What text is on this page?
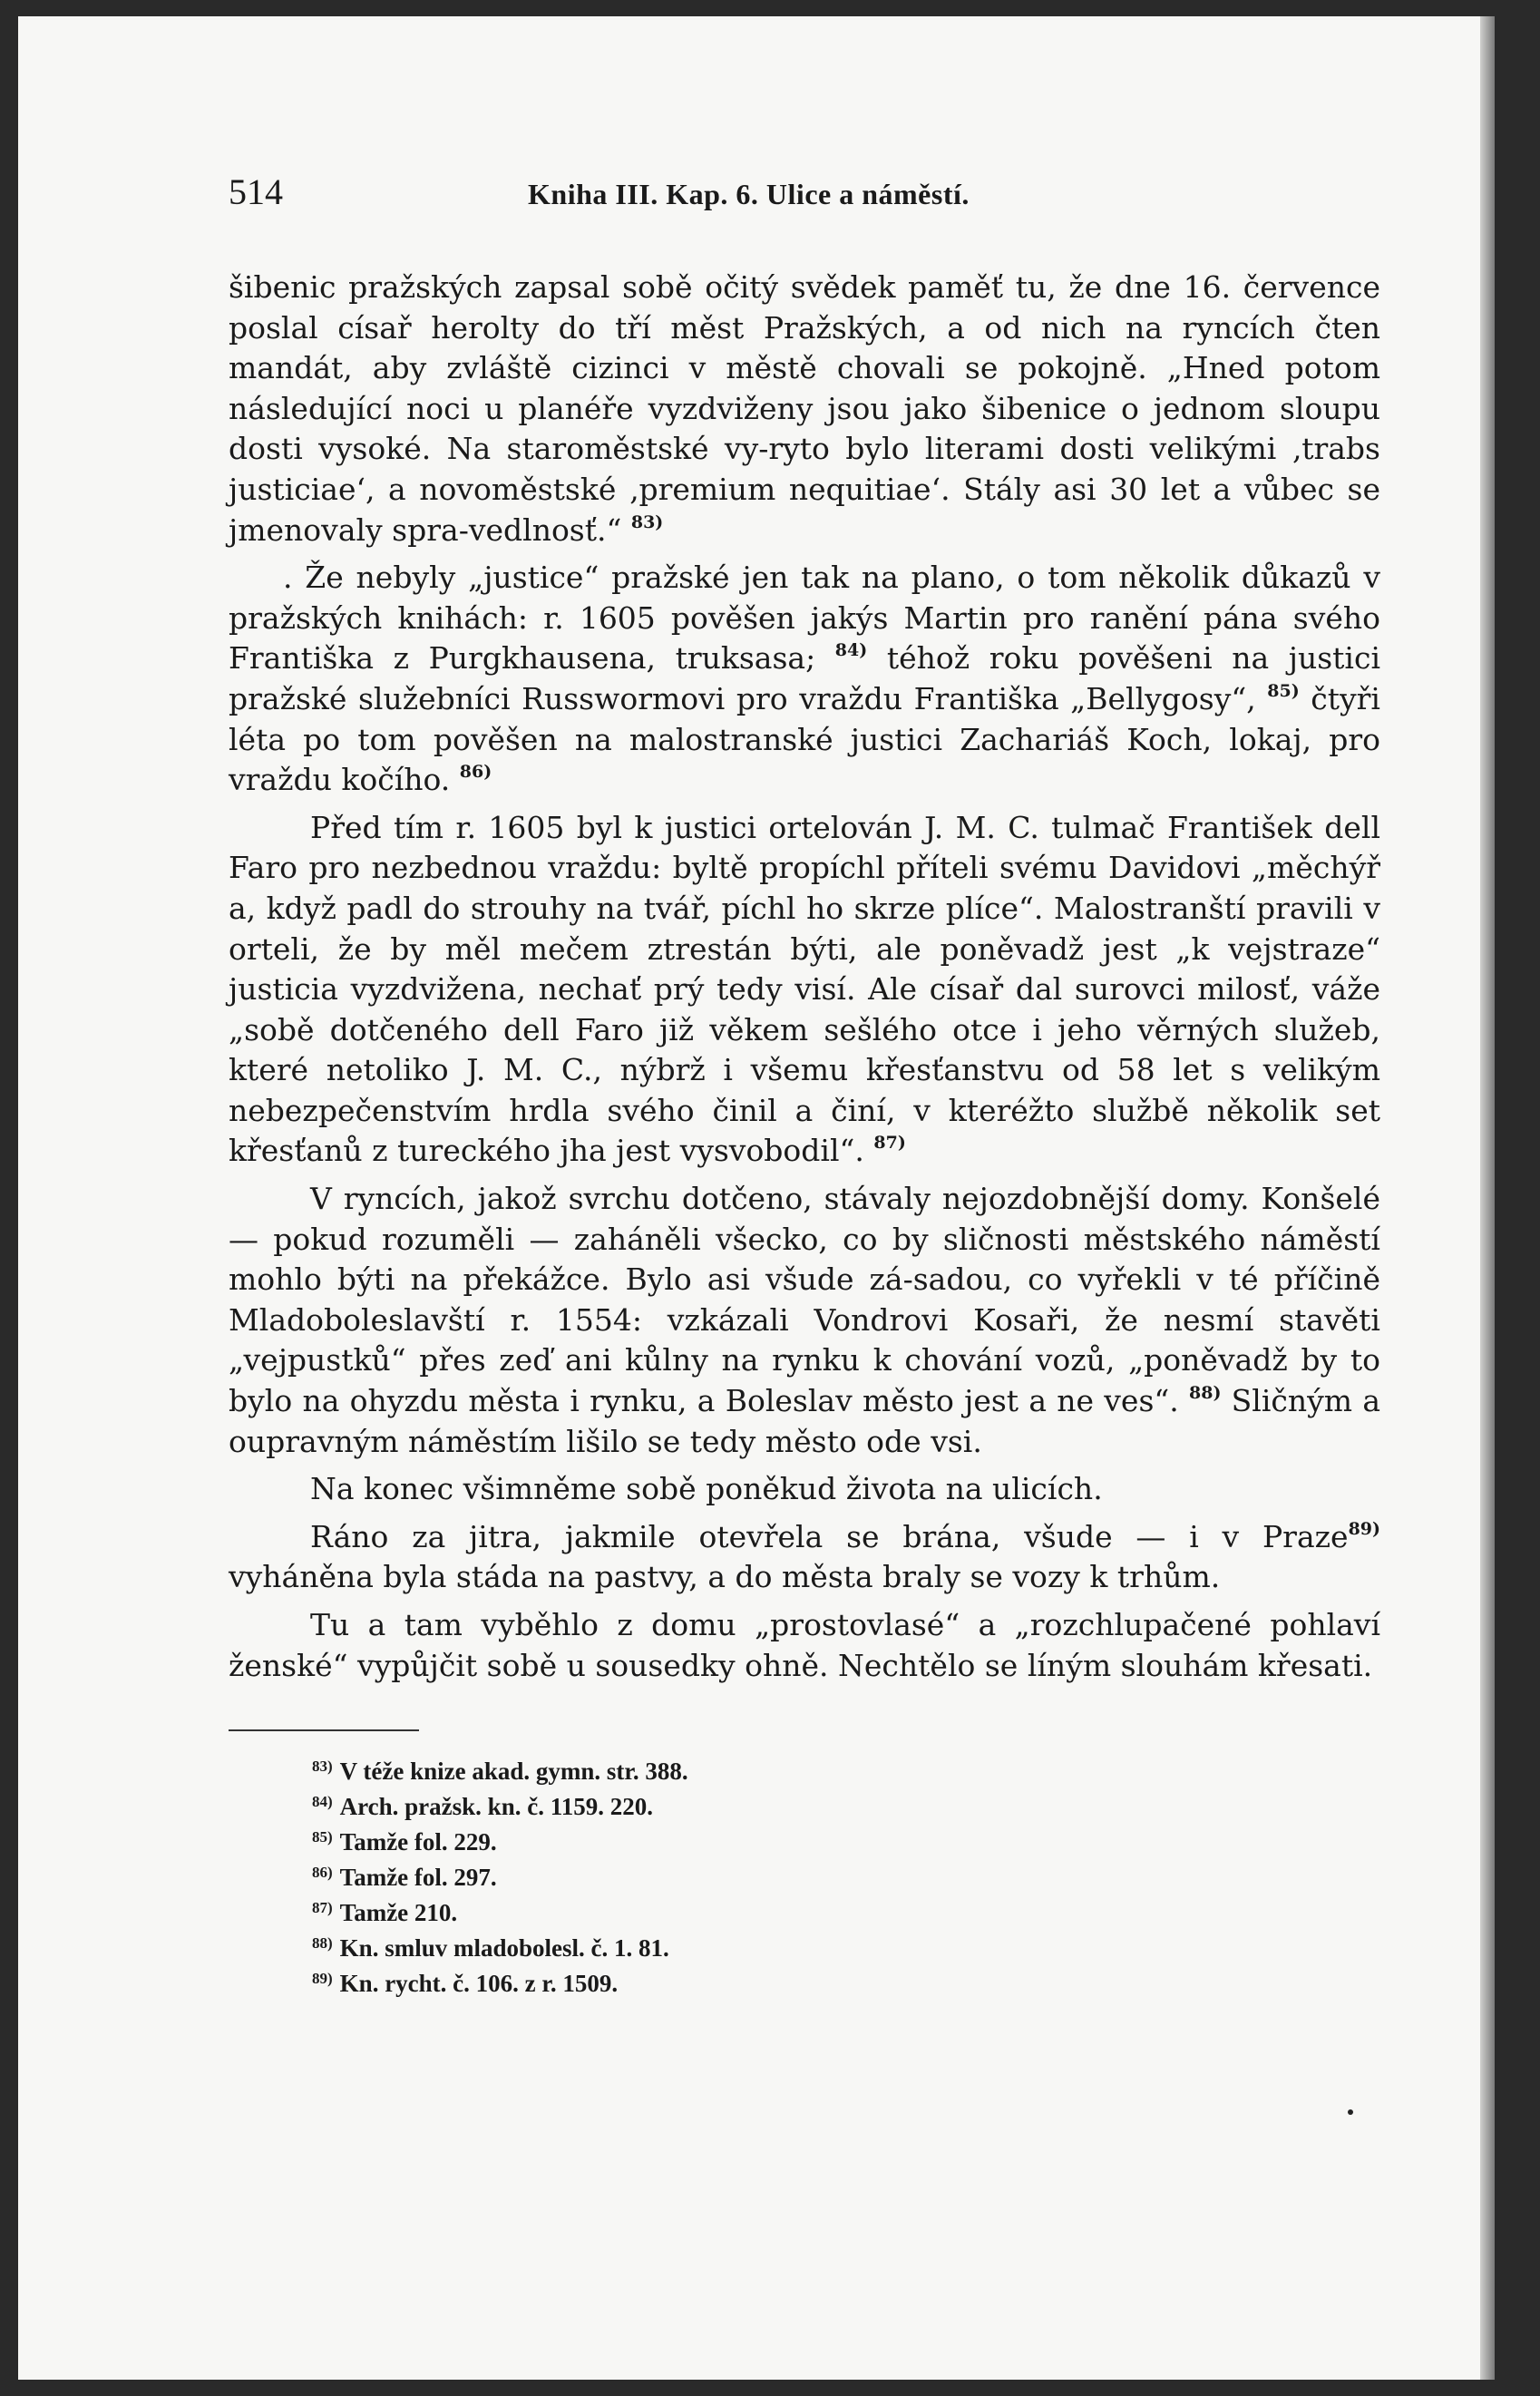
514	Kniha III. Kap. 6. Ulice a náměstí.

šibenic pražských zapsal sobě očitý svědek paměť tu, že dne 16. července poslal císař herolty do tří měst Pražských, a od nich na ryncích čten mandát, aby zvláště cizinci v městě chovali se pokojně. „Hned potom následující noci u planéře vyzdviženy jsou jako šibenice o jednom sloupu dosti vysoké. Na staroměstské vy-ryto bylo literami dosti velikými ‚trabs justiciae‘, a novoměstské ‚premium nequitiae‘. Stály asi 30 let a vůbec se jmenovaly spra-vedlnosť.“ $^{83)}$

. Že nebyly „justice“ pražské jen tak na plano, o tom několik důkazů v pražských knihách: r. 1605 pověšen jakýs Martin pro ranění pána svého Františka z Purgkhausena, truksasa; $^{84)}$ téhož roku pověšeni na justici pražské služebníci Russwormovi pro vraždu Františka „Bellygosy“, $^{85)}$ čtyři léta po tom pověšen na malostranské justici Zachariáš Koch, lokaj, pro vraždu kočího. $^{86)}$

Před tím r. 1605 byl k justici ortelován J. M. C. tulmač František dell Faro pro nezbednou vraždu: byltě propíchl příteli svému Davidovi „měchýř a, když padl do strouhy na tvář, píchl ho skrze plíce“. Malostranští pravili v orteli, že by měl mečem ztrestán býti, ale poněvadž jest „k vejstraze“ justicia vyzdvižena, nechať prý tedy visí. Ale císař dal surovci milosť, váže „sobě dotčeného dell Faro již věkem sešlého otce i jeho věrných služeb, které netoliko J. M. C., nýbrž i všemu křesťanstvu od 58 let s velikým nebezpečenstvím hrdla svého činil a činí, v kteréžto službě několik set křesťanů z tureckého jha jest vysvobodil“. $^{87)}$

V ryncích, jakož svrchu dotčeno, stávaly nejozdobnější domy. Konšelé — pokud rozuměli — zaháněli všecko, co by sličnosti městského náměstí mohlo býti na překážce. Bylo asi všude zá-sadou, co vyřekli v té příčině Mladoboleslavští r. 1554: vzkázali Vondrovi Kosaři, že nesmí stavěti „vejpustků“ přes zeď ani kůlny na rynku k chování vozů, „poněvadž by to bylo na ohyzdu města i rynku, a Boleslav město jest a ne ves“. $^{88)}$ Sličným a oupravným náměstím lišilo se tedy město ode vsi.

Na konec všimněme sobě poněkud života na ulicích.

Ráno za jitra, jakmile otevřela se brána, všude — i v Praze$^{89)}$ vyháněna byla stáda na pastvy, a do města braly se vozy k trhům.

Tu a tam vyběhlo z domu „prostovlasé“ a „rozchlupačené pohlaví ženské“ vypůjčit sobě u sousedky ohně. Nechtělo se líným slouhám křesati.

$^{83)}$ V téže knize akad. gymn. str. 388.
$^{84)}$ Arch. pražsk. kn. č. 1159. 220.
$^{85)}$ Tamže fol. 229.
$^{86)}$ Tamže fol. 297.
$^{87)}$ Tamže 210.
$^{88)}$ Kn. smluv mladobolesl. č. 1. 81.
$^{89)}$ Kn. rycht. č. 106. z r. 1509.
